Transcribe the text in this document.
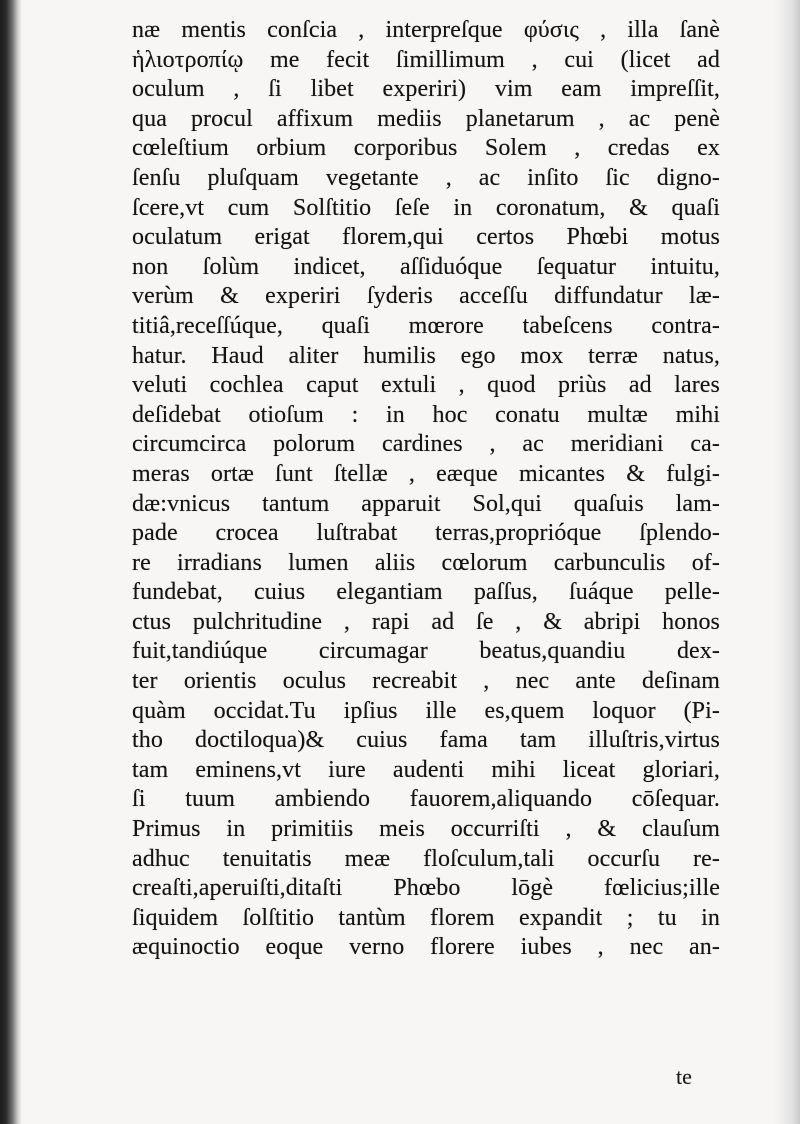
næ mentis conſcia , interpreſque φύσις , illa ſanè

ἡλιοτροπίῳ me fecit ſimillimum , cui (licet ad

oculum , ſi libet experiri) vim eam impreſſit,

qua procul affixum mediis planetarum , ac penè

cœleſtium orbium corporibus Solem , credas ex

ſenſu pluſquam vegetante , ac inſito ſic digno-

ſcere,vt cum Solſtitio ſeſe in coronatum, & quaſi

oculatum erigat florem,qui certos Phœbi motus

non ſolùm indicet, aſſiduóque ſequatur intuitu,

verùm & experiri ſyderis acceſſu diffundatur læ-

titiâ,receſſúque, quaſi mœrore tabeſcens contra-

hatur. Haud aliter humilis ego mox terræ natus,

veluti cochlea caput extuli , quod priùs ad lares

deſidebat otioſum : in hoc conatu multæ mihi

circumcirca polorum cardines , ac meridiani ca-

meras ortæ ſunt ſtellæ , eæque micantes & fulgi-

dæ:vnicus tantum apparuit Sol,qui quaſuis lam-

pade crocea luſtrabat terras,proprióque ſplendo-

re irradians lumen aliis cœlorum carbunculis of-

fundebat, cuius elegantiam paſſus, ſuáque pelle-

ctus pulchritudine , rapi ad ſe , & abripi honos

fuit,tandiúque circumagar beatus,quandiu dex-

ter orientis oculus recreabit , nec ante deſinam

quàm occidat.Tu ipſius ille es,quem loquor (Pi-

tho doctiloqua)& cuius fama tam illuſtris,virtus

tam eminens,vt iure audenti mihi liceat gloriari,

ſi tuum ambiendo fauorem,aliquando cōſequar.

Primus in primitiis meis occurriſti , & clauſum

adhuc tenuitatis meæ floſculum,tali occurſu re-

creaſti,aperuiſti,ditaſti Phœbo lōgè fœlicius;ille

ſiquidem ſolſtitio tantùm florem expandit ; tu in

æquinoctio eoque verno florere iubes , nec an-

te
